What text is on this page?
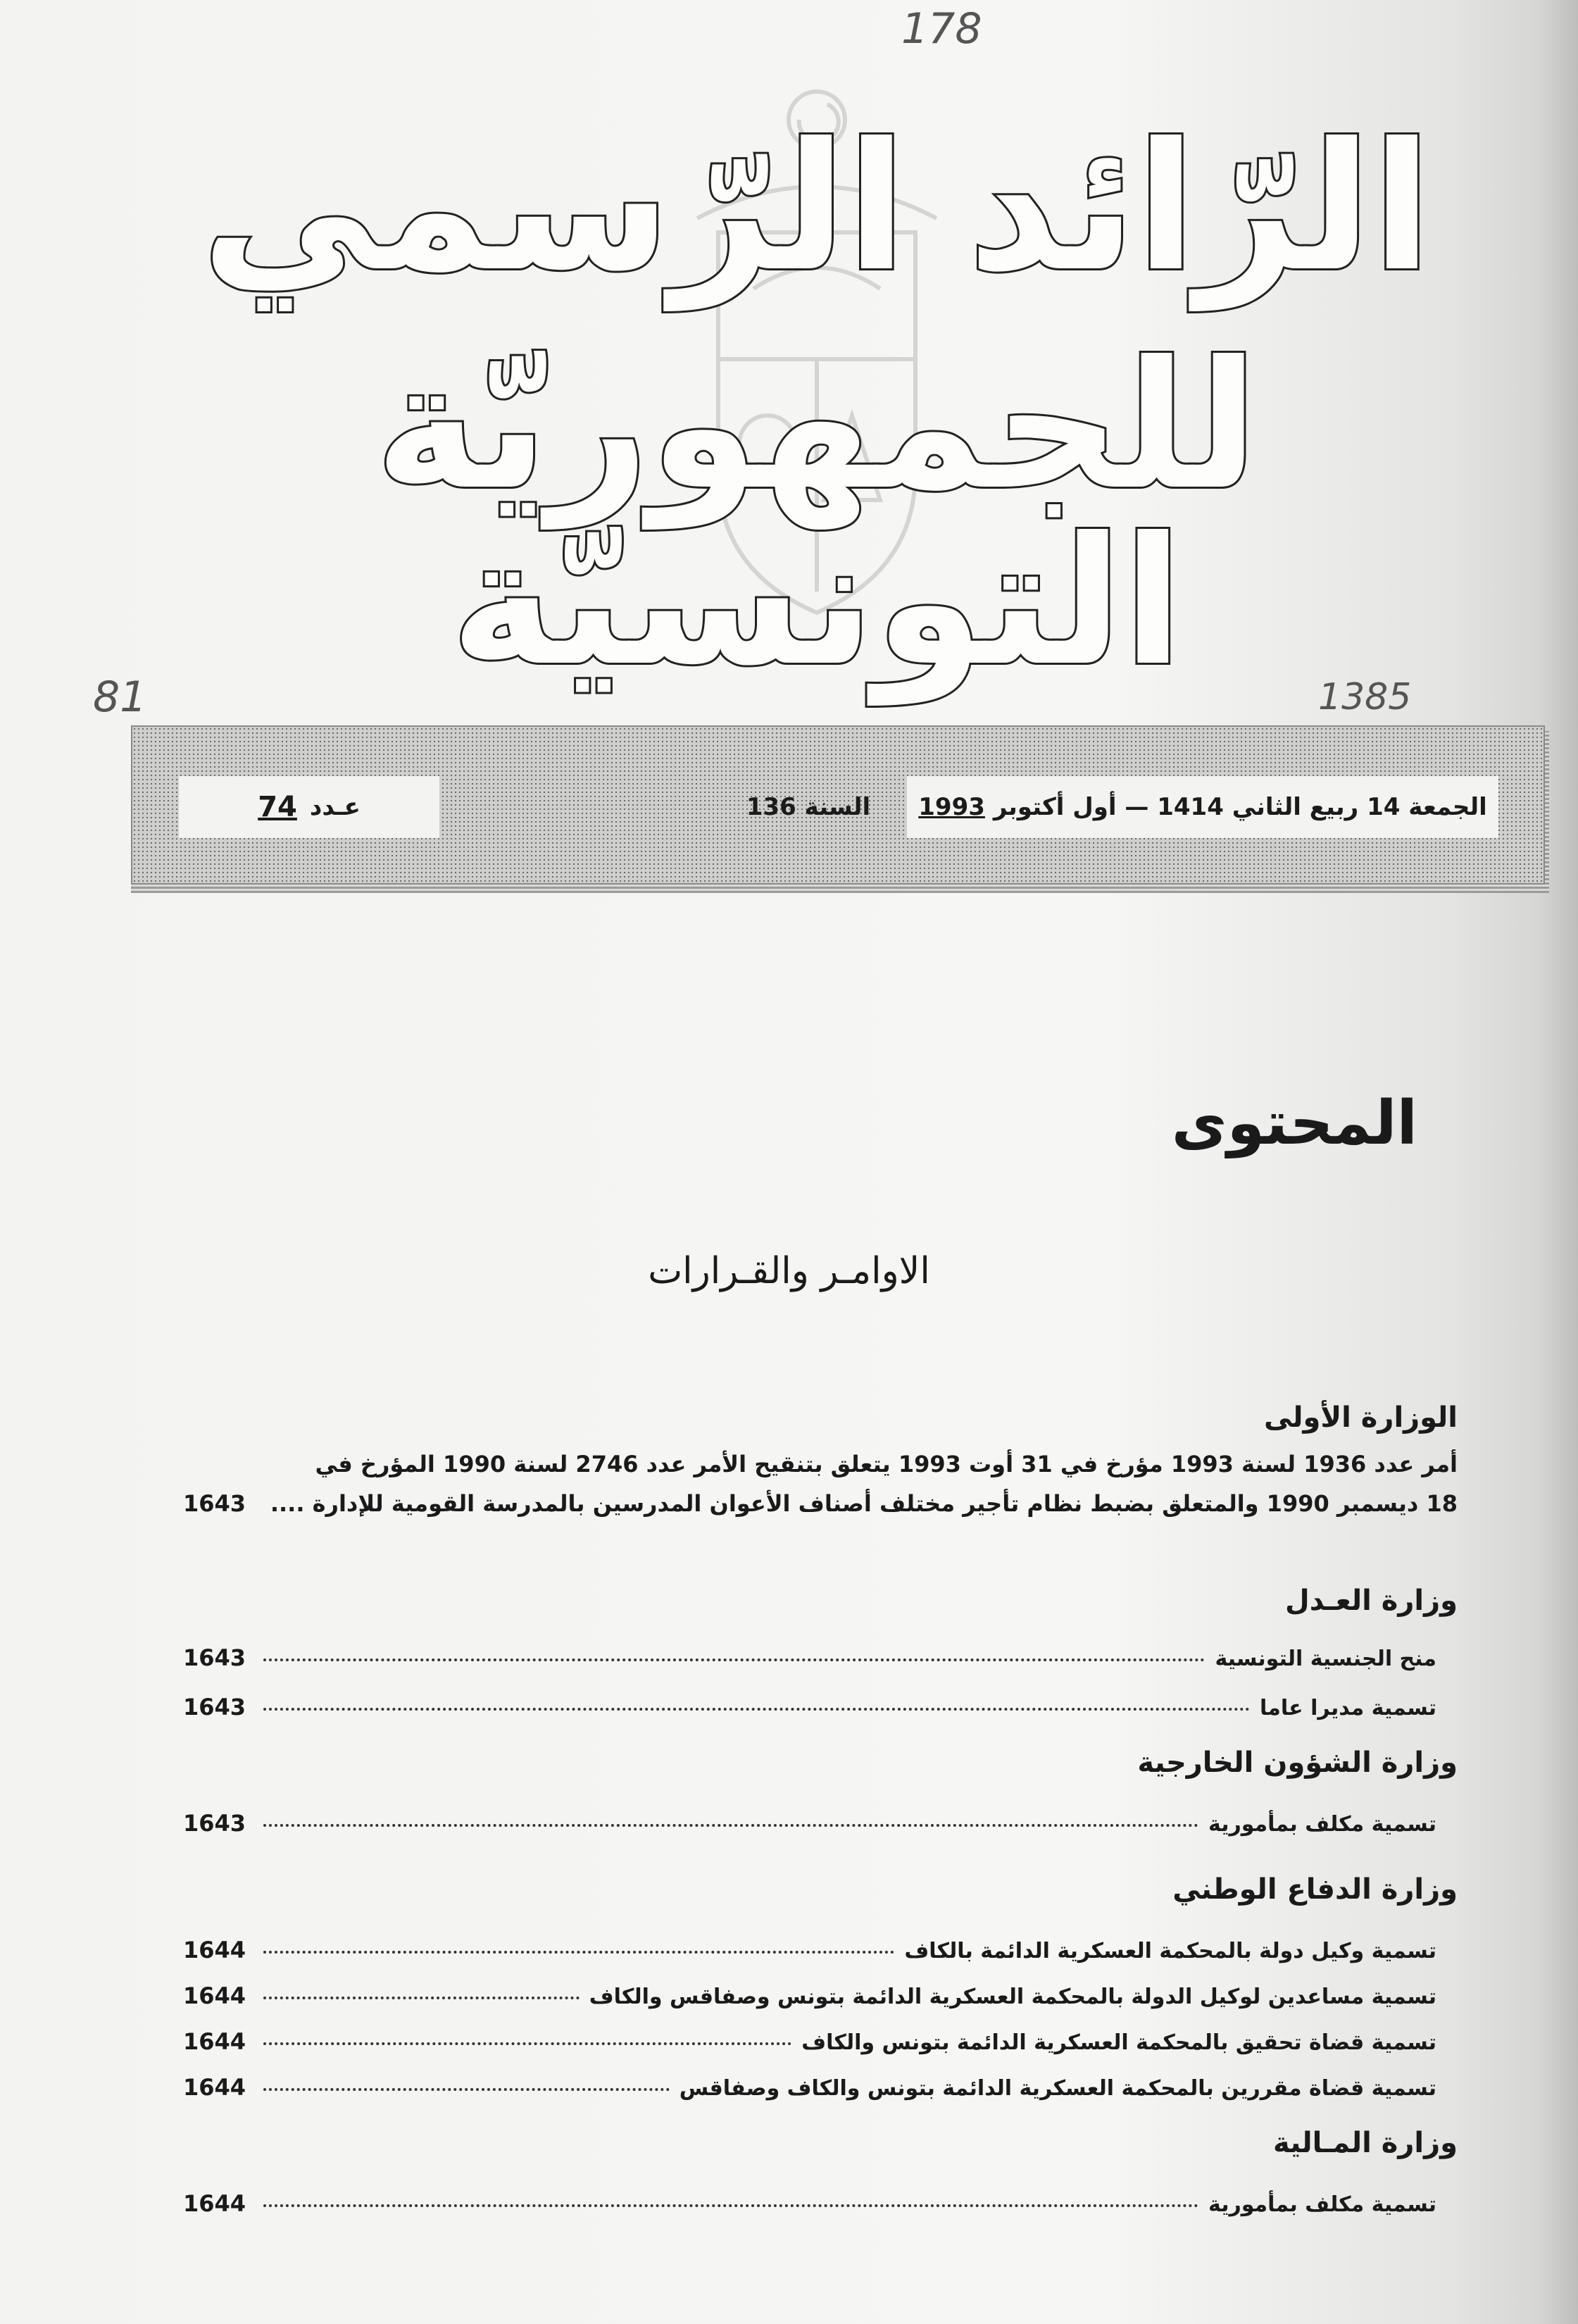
178
81	1385
الرّائد الرّسمي
للجمهوريّة التونسيّة
الجمعة 14 ربيع الثاني 1414 — أول أكتوبر
1993
السنة 136
عـدد
74
المحتوى
الاوامـر والقـرارات
الوزارة الأولى
أمر عدد 1936 لسنة 1993 مؤرخ في 31 أوت 1993 يتعلق بتنقيح الأمر عدد 2746 لسنة 1990 المؤرخ في
18 ديسمبر 1990 والمتعلق بضبط نظام تأجير مختلف أصناف الأعوان المدرسين بالمدرسة القومية للإدارة ....
1643
وزارة العـدل
منح الجنسية التونسية
1643
تسمية مديرا عاما
1643
وزارة الشؤون الخارجية
تسمية مكلف بمأمورية
1643
وزارة الدفاع الوطني
تسمية وكيل دولة بالمحكمة العسكرية الدائمة بالكاف
1644
تسمية مساعدين لوكيل الدولة بالمحكمة العسكرية الدائمة بتونس وصفاقس والكاف
1644
تسمية قضاة تحقيق بالمحكمة العسكرية الدائمة بتونس والكاف
1644
تسمية قضاة مقررين بالمحكمة العسكرية الدائمة بتونس والكاف وصفاقس
1644
وزارة المـالية
تسمية مكلف بمأمورية
1644
